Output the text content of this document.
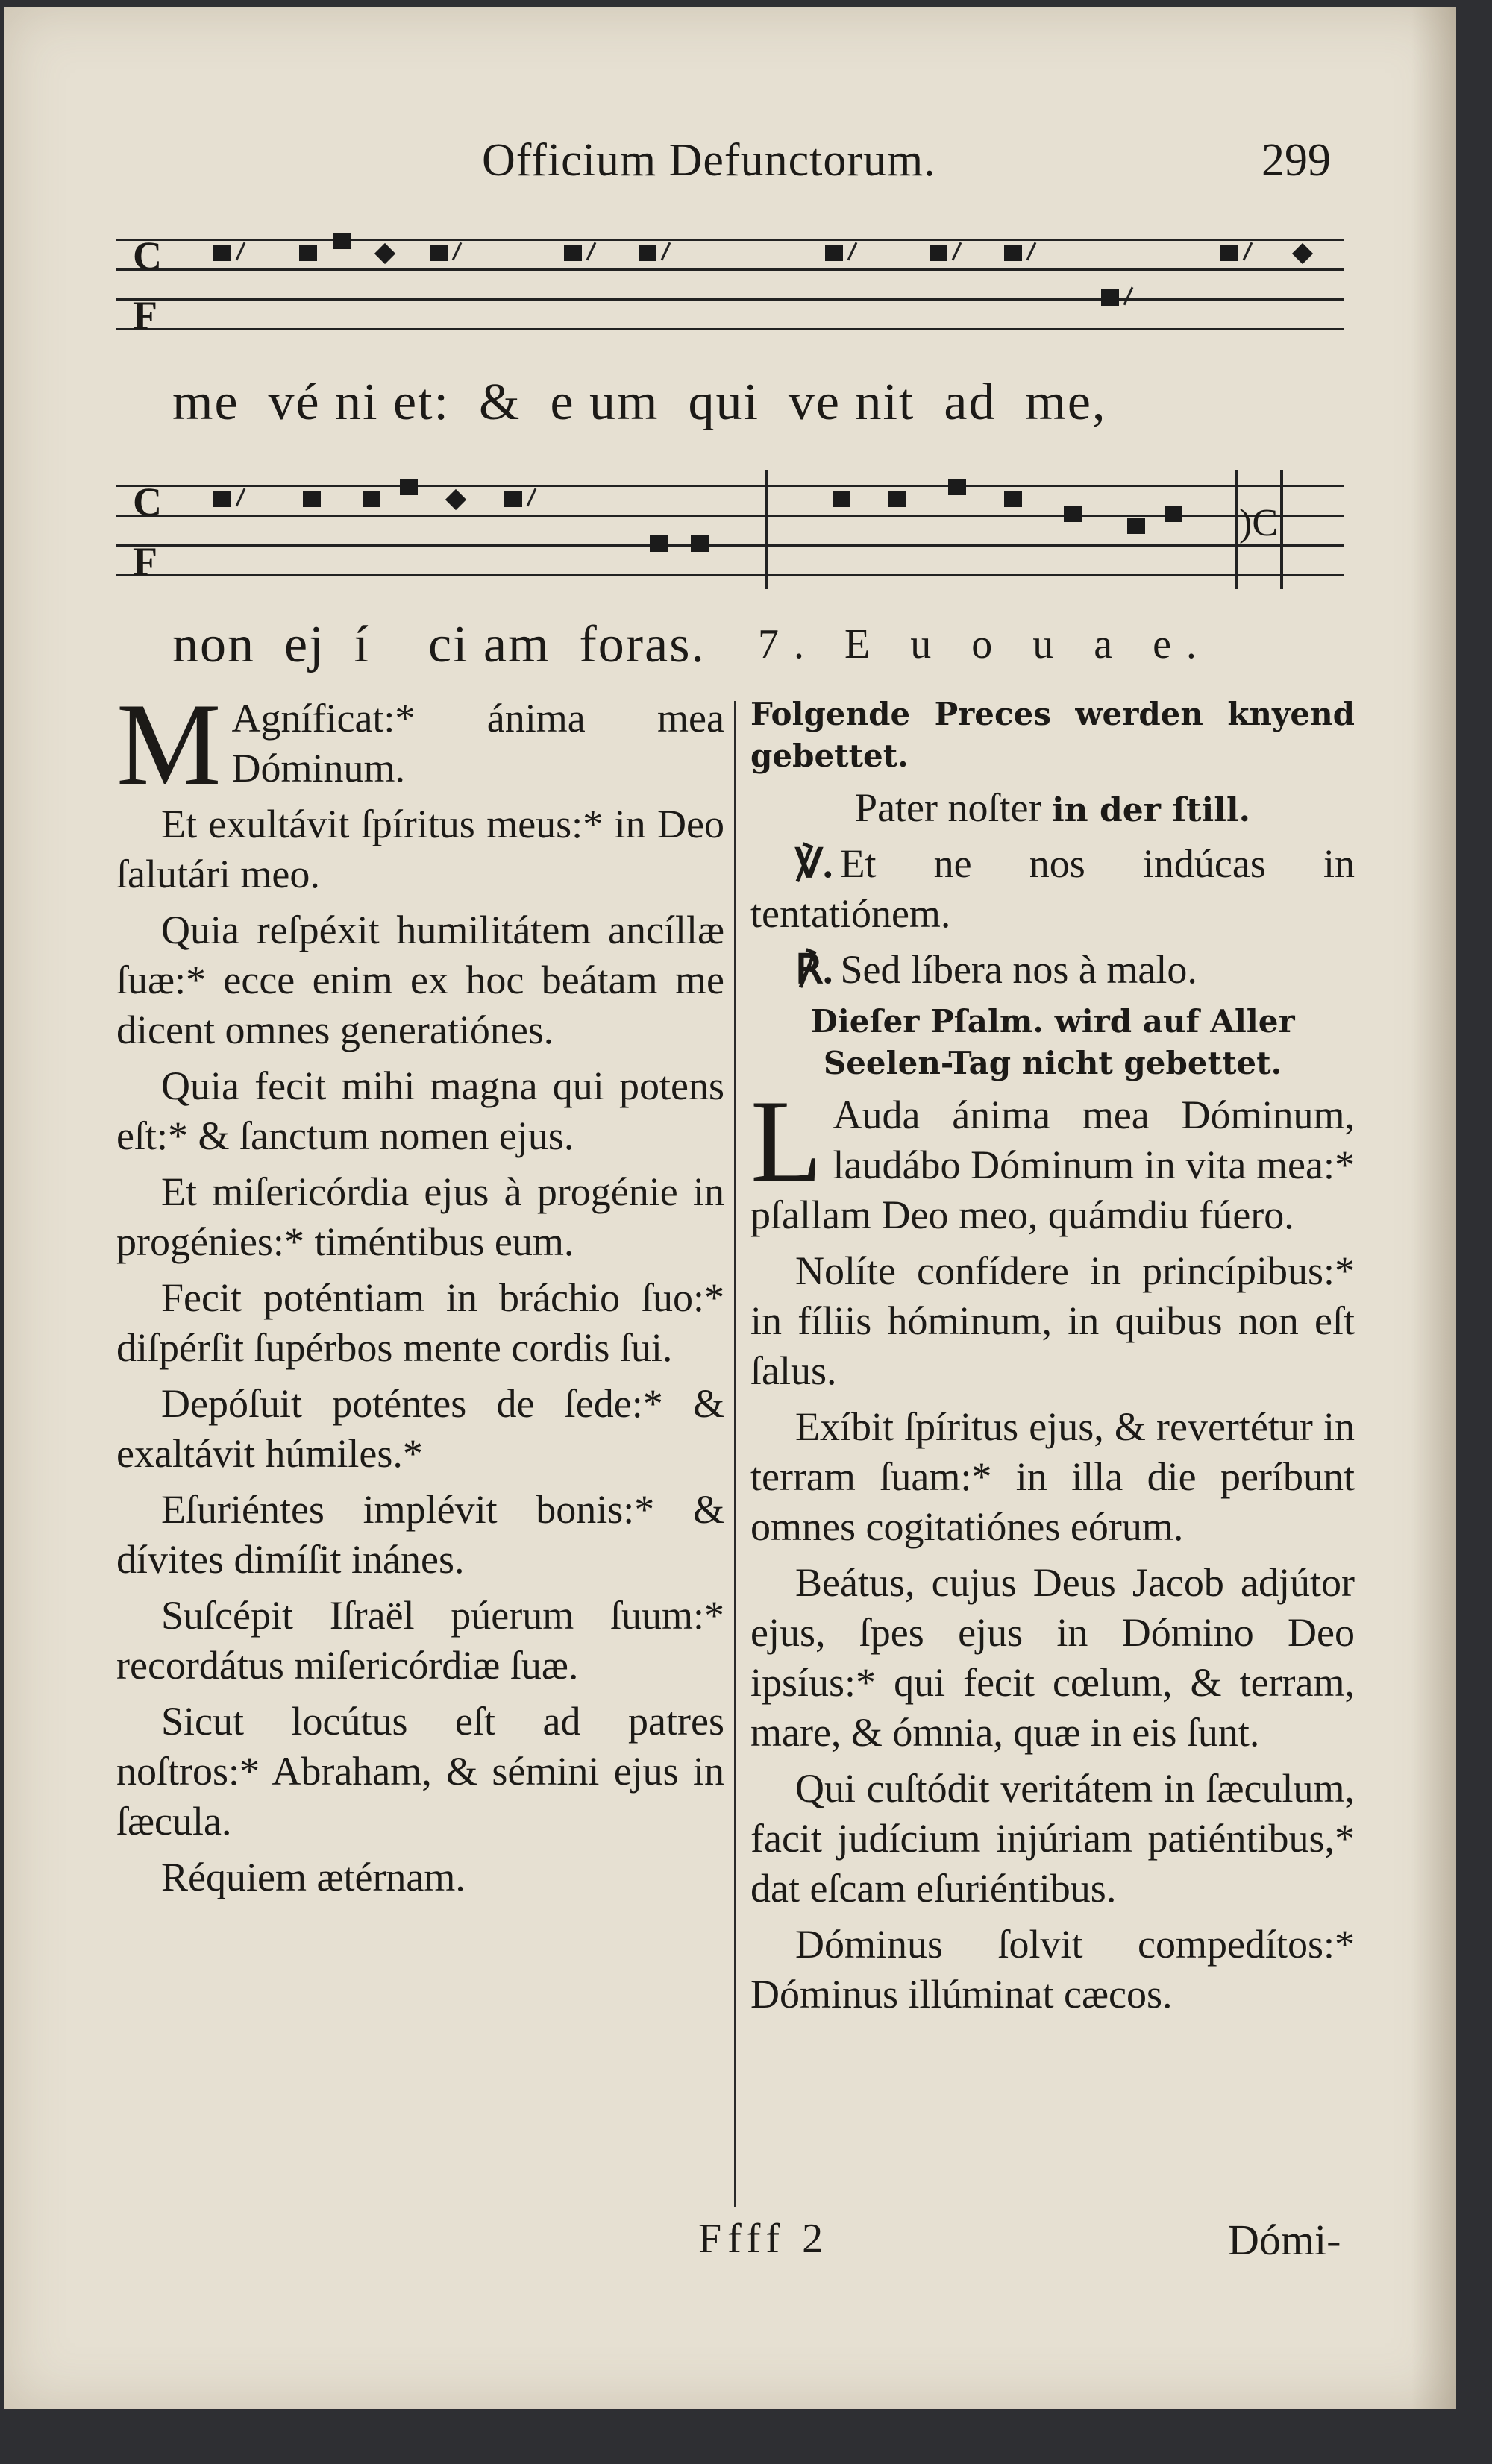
Officium Defunctorum.	299
C
F
me  vé ni et:  &  e um  qui  ve nit  ad  me,
C
F
)C
non  ej  í    ci am  foras. 7. E u o u a e.
M Agníficat:* ánima mea Dóminum.

Et exultávit ſpíritus meus:* in Deo ſalutári meo.

Quia reſpéxit humilitátem ancíllæ ſuæ:* ecce enim ex hoc beátam me dicent omnes generatiónes.

Quia fecit mihi magna qui potens eſt:* & ſanctum nomen ejus.

Et miſericórdia ejus à progénie in progénies:* timéntibus eum.

Fecit poténtiam in bráchio ſuo:* diſpérſit ſupérbos mente cordis ſui.

Depóſuit poténtes de ſede:* & exaltávit húmiles.*

Eſuriéntes implévit bonis:* & dívites dimíſit inánes.

Suſcépit Iſraël púerum ſuum:* recordátus miſericórdiæ ſuæ.

Sicut locútus eſt ad patres noſtros:* Abraham, & sémini ejus in ſæcula.

Réquiem ætérnam.

Folgende Preces werden knyend gebettet.

Pater noſter in der ſtill.

℣. Et ne nos indúcas in tentatiónem.

℟. Sed líbera nos à malo.

Dieſer Pſalm. wird auf Aller Seelen-Tag nicht gebettet.

L Auda ánima mea Dóminum, laudábo Dóminum in vita mea:* pſallam Deo meo, quámdiu fúero.

Nolíte confídere in princípibus:* in fíliis hóminum, in quibus non eſt ſalus.

Exíbit ſpíritus ejus, & revertétur in terram ſuam:* in illa die períbunt omnes cogitatiónes eórum.

Beátus, cujus Deus Jacob adjútor ejus, ſpes ejus in Dómino Deo ipsíus:* qui fecit cœlum, & terram, mare, & ómnia, quæ in eis ſunt.

Qui cuſtódit veritátem in ſæculum, facit judícium injúriam patiéntibus,* dat eſcam eſuriéntibus.

Dóminus ſolvit compedítos:* Dóminus illúminat cæcos.

Ffff 2	Dómi-
